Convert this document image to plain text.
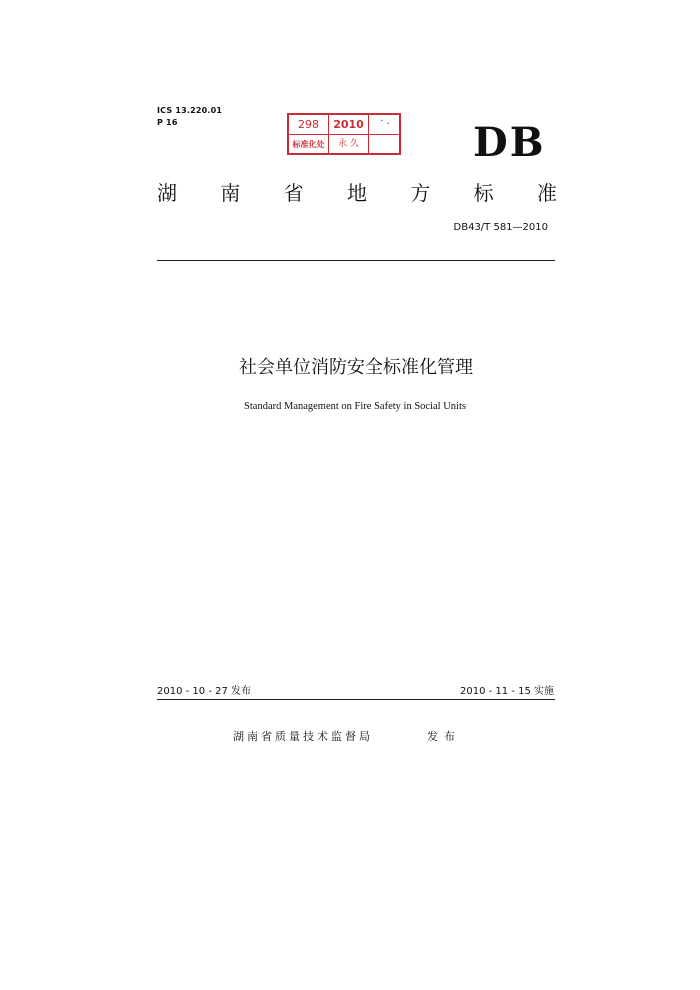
ICS 13.220.01
P 16	298	2010	· .
标准化处	永 久	DB
湖 南 省 地 方 标 准
DB43/T 581—2010
社会单位消防安全标准化管理
Standard Management on Fire Safety in Social Units
2010 - 10 - 27 发布	2010 - 11 - 15 实施
湖南省质量技术监督局	发布
